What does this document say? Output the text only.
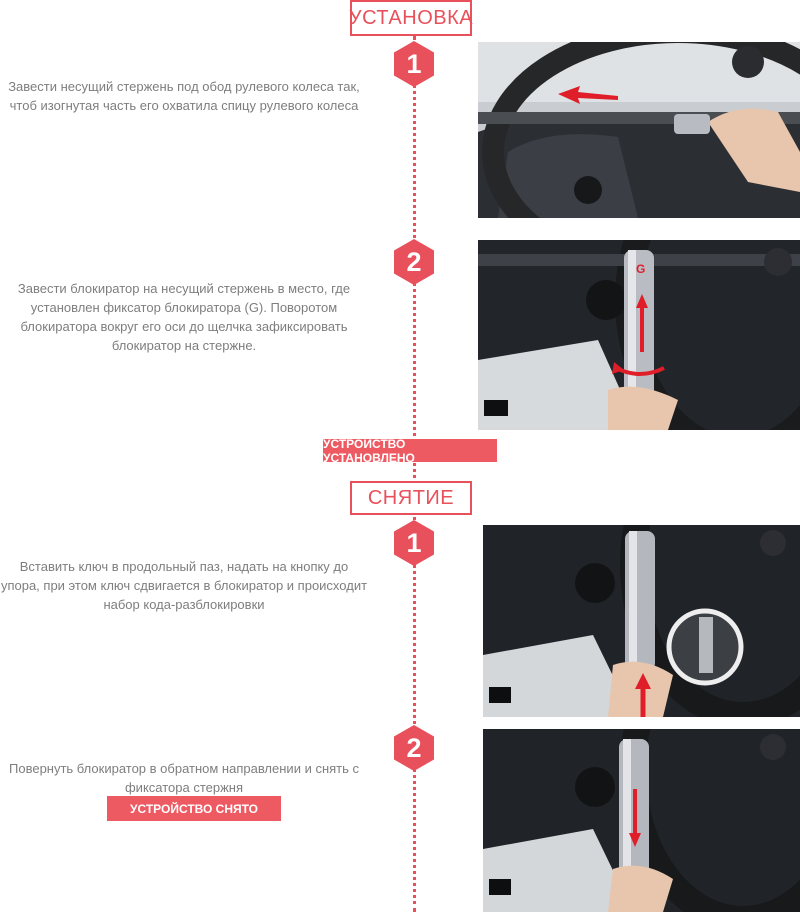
УСТАНОВКА
1
Завести несущий стержень под обод рулевого колеса так, чтоб изогнутая часть его охватила спицу рулевого колеса
2
Завести блокиратор на несущий стержень в место, где установлен фиксатор блокиратора (G). Поворотом блокиратора вокруг его оси до щелчка зафиксировать блокиратор на стержне.
G
УСТРОЙСТВО УСТАНОВЛЕНО
СНЯТИЕ
1
Вставить ключ в продольный паз, надать на кнопку до упора, при этом ключ сдвигается в блокиратор и происходит набор кода-разблокировки
2
Повернуть блокиратор в обратном направлении и снять с фиксатора стержня
УСТРОЙСТВО СНЯТО
